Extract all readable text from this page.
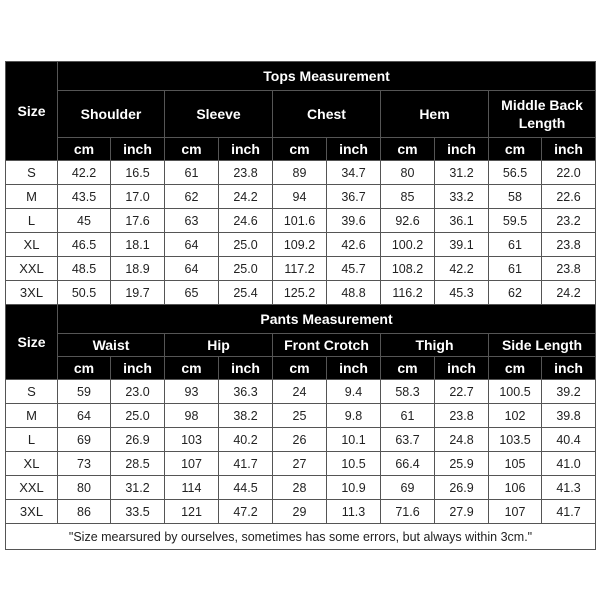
Size	Tops Measurement									
	Shoulder		Sleeve		Chest		Hem		Middle Back Length	
	cm	inch	cm	inch	cm	inch	cm	inch	cm	inch
S	42.2	16.5	61	23.8	89	34.7	80	31.2	56.5	22.0
M	43.5	17.0	62	24.2	94	36.7	85	33.2	58	22.6
L	45	17.6	63	24.6	101.6	39.6	92.6	36.1	59.5	23.2
XL	46.5	18.1	64	25.0	109.2	42.6	100.2	39.1	61	23.8
XXL	48.5	18.9	64	25.0	117.2	45.7	108.2	42.2	61	23.8
3XL	50.5	19.7	65	25.4	125.2	48.8	116.2	45.3	62	24.2
Size	Pants Measurement									
	Waist		Hip		Front Crotch		Thigh		Side Length	
	cm	inch	cm	inch	cm	inch	cm	inch	cm	inch
S	59	23.0	93	36.3	24	9.4	58.3	22.7	100.5	39.2
M	64	25.0	98	38.2	25	9.8	61	23.8	102	39.8
L	69	26.9	103	40.2	26	10.1	63.7	24.8	103.5	40.4
XL	73	28.5	107	41.7	27	10.5	66.4	25.9	105	41.0
XXL	80	31.2	114	44.5	28	10.9	69	26.9	106	41.3
3XL	86	33.5	121	47.2	29	11.3	71.6	27.9	107	41.7
"Size mearsured by ourselves, sometimes has some errors, but always within 3cm."										
